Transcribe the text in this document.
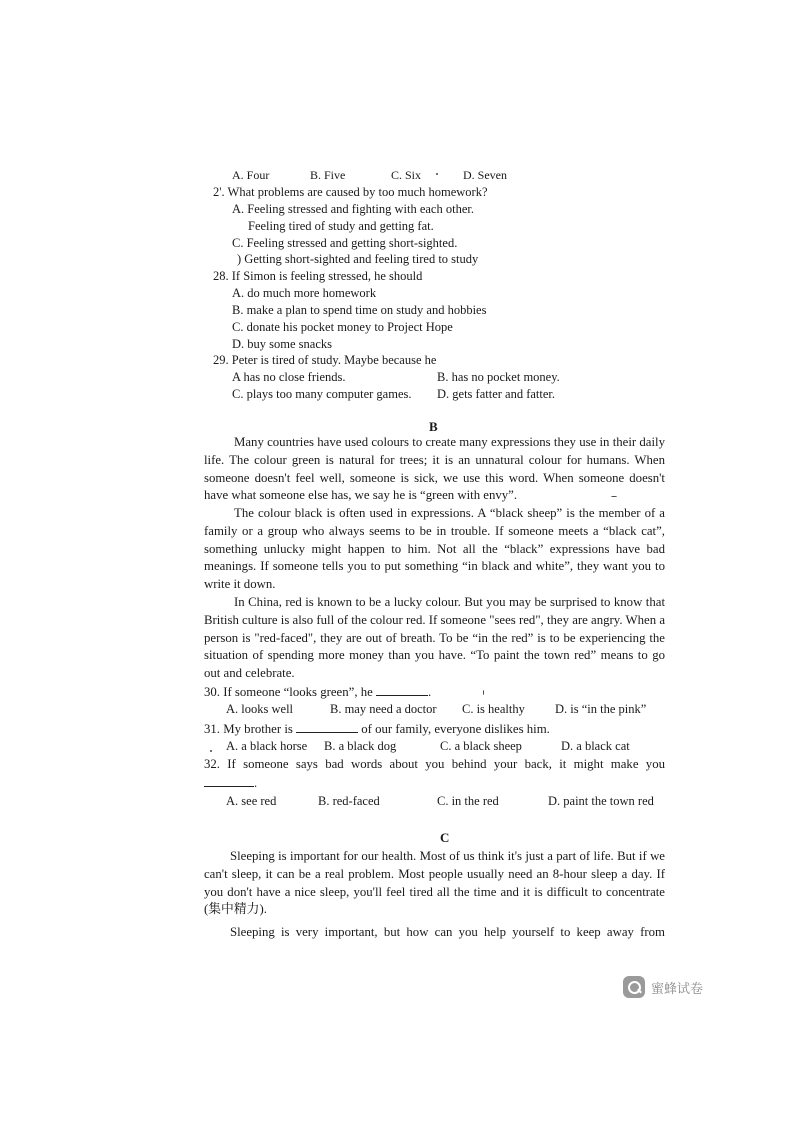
A. Four	B. Five	C. Six	D. Seven
2'. What problems are caused by too much homework?
A. Feeling stressed and fighting with each other.
Feeling tired of study and getting fat.
C. Feeling stressed and getting short-sighted.
) Getting short-sighted and feeling tired to study
28. If Simon is feeling stressed, he should
A. do much more homework
B. make a plan to spend time on study and hobbies
C. donate his pocket money to Project Hope
D. buy some snacks
29. Peter is tired of study. Maybe because he
A has no close friends.	B. has no pocket money.
C. plays too many computer games. D. gets fatter and fatter.
B
Many countries have used colours to create many expressions they use in their daily life. The colour green is natural for trees; it is an unnatural colour for humans. When someone doesn't feel well, someone is sick, we use this word. When someone doesn't have what someone else has, we say he is “green with envy”.
The colour black is often used in expressions. A “black sheep” is the member of a family or a group who always seems to be in trouble. If someone meets a “black cat”, something unlucky might happen to him. Not all the “black” expressions have bad meanings. If someone tells you to put something “in black and white”, they want you to write it down.
In China, red is known to be a lucky colour. But you may be surprised to know that British culture is also full of the colour red. If someone "sees red", they are angry. When a person is "red-faced", they are out of breath. To be “in the red” is to be experiencing the situation of spending more money than you have. “To paint the town red” means to go out and celebrate.
30. If someone “looks green”, he	.
A. looks well	B. may need a doctor C. is healthy D. is “in the pink”
31. My brother is	of our family, everyone dislikes him.
A. a black horse B. a black dog	C. a black sheep	D. a black cat
32. If someone says bad words about you behind your back, it might make you
.
A. see red	B. red-faced	C. in the red	D. paint the town red
C
Sleeping is important for our health. Most of us think it's just a part of life. But if we can't sleep, it can be a real problem. Most people usually need an 8-hour sleep a day. If you don't have a nice sleep, you'll feel tired all the time and it is difficult to concentrate (集中精力).
Sleeping is very important, but how can you help yourself to keep away from
蜜蜂试卷
